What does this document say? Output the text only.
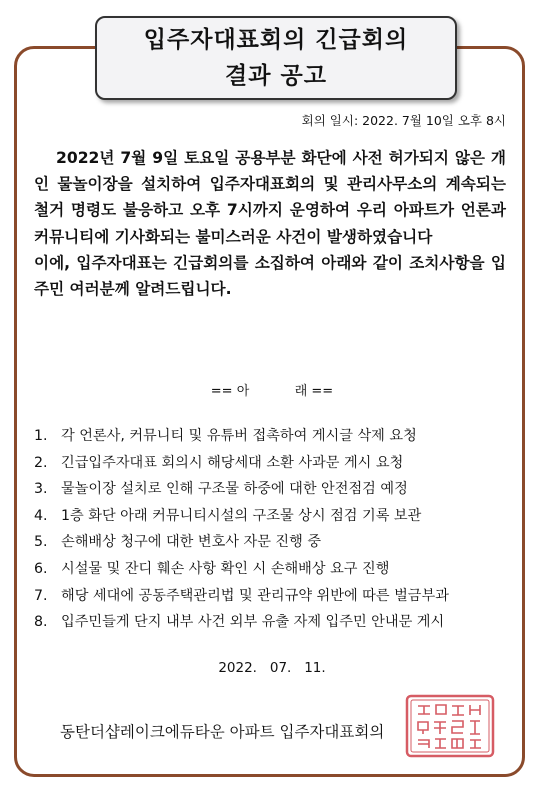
입주자대표회의 긴급회의
결과 공고
회의 일시: 2022. 7월 10일 오후 8시

2022년 7월 9일 토요일 공용부분 화단에 사전 허가되지 않은 개인 물놀이장을 설치하여 입주자대표회의 및 관리사무소의 계속되는 철거 명령도 불응하고 오후 7시까지 운영하여 우리 아파트가 언론과 커뮤니티에 기사화되는 불미스러운 사건이 발생하였습니다

이에, 입주자대표는 긴급회의를 소집하여 아래와 같이 조치사항을 입주민 여러분께 알려드립니다.

== 아           래 ==
1. 각 언론사, 커뮤니티 및 유튜버 접촉하여 게시글 삭제 요청
2. 긴급입주자대표 회의시 해당세대 소환 사과문 게시 요청
3. 물놀이장 설치로 인해 구조물 하중에 대한 안전점검 예정
4. 1층 화단 아래 커뮤니티시설의 구조물 상시 점검 기록 보관
5. 손해배상 청구에 대한 변호사 자문 진행 중
6. 시설물 및 잔디 훼손 사항 확인 시 손해배상 요구 진행
7. 해당 세대에 공동주택관리법 및 관리규약 위반에 따른 벌금부과
8. 입주민들게 단지 내부 사건 외부 유출 자제 입주민 안내문 게시
2022.   07.   11.
동탄더샵레이크에듀타운 아파트 입주자대표회의
